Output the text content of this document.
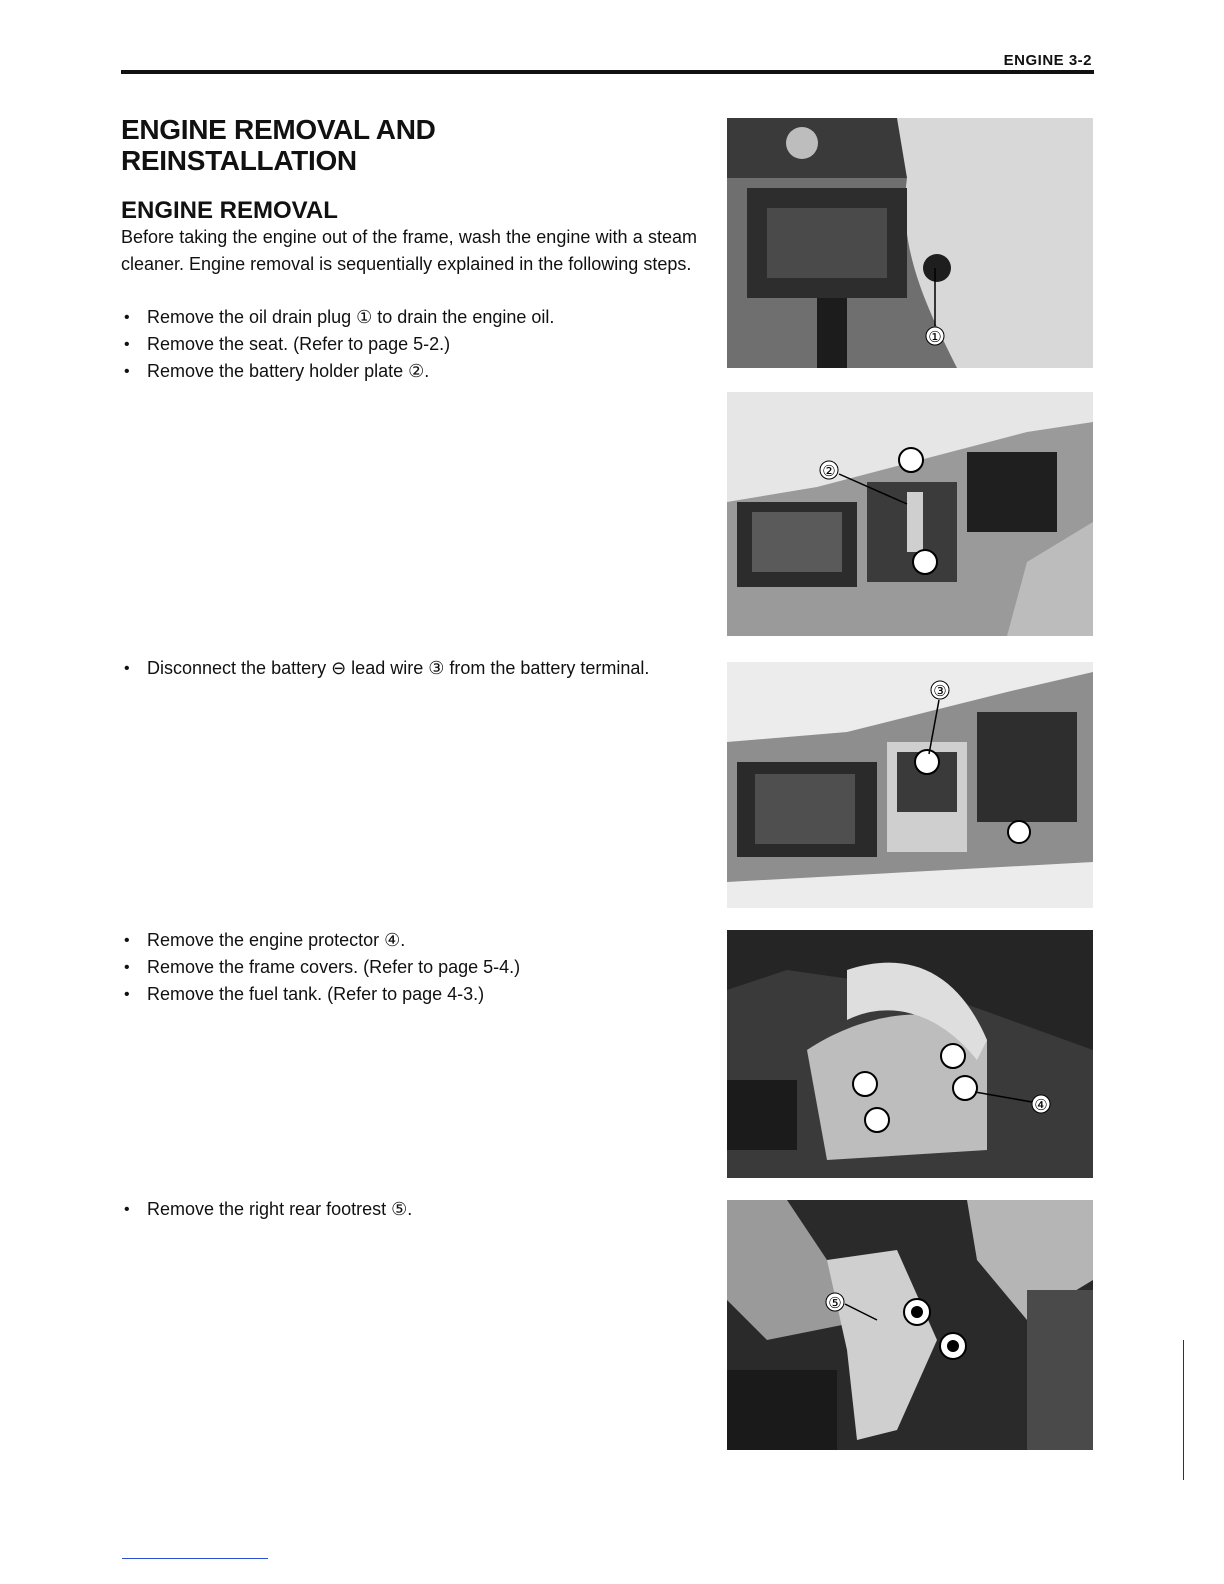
ENGINE 3-2
ENGINE REMOVAL AND
REINSTALLATION
ENGINE REMOVAL

Before taking the engine out of the frame, wash the engine with a steam cleaner. Engine removal is sequentially explained in the following steps.

• Remove the oil drain plug ① to drain the engine oil.
• Remove the seat. (Refer to page 5-2.)
• Remove the battery holder plate ②.
• Disconnect the battery ⊖ lead wire ③ from the battery terminal.
• Remove the engine protector ④.
• Remove the frame covers. (Refer to page 5-4.)
• Remove the fuel tank. (Refer to page 4-3.)
• Remove the right rear footrest ⑤.
①
②
③
④
⑤
